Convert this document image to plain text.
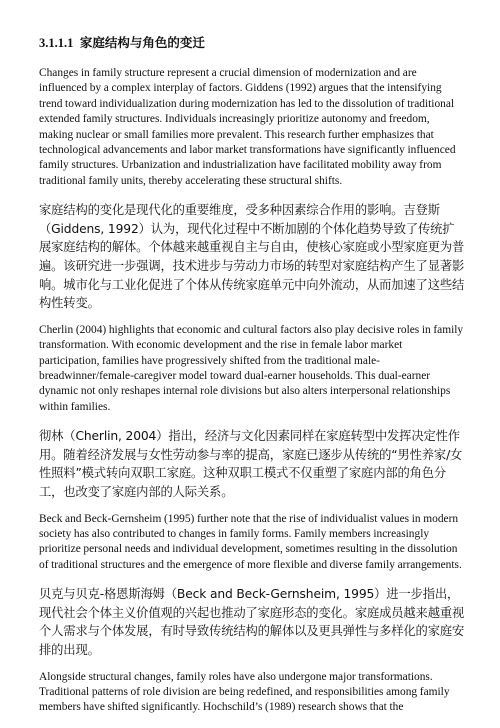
3.1.1.1 家庭结构与角色的变迁

Changes in family structure represent a crucial dimension of modernization and are influenced by a complex interplay of factors. Giddens (1992) argues that the intensifying trend toward individualization during modernization has led to the dissolution of traditional extended family structures. Individuals increasingly prioritize autonomy and freedom, making nuclear or small families more prevalent. This research further emphasizes that technological advancements and labor market transformations have significantly influenced family structures. Urbanization and industrialization have facilitated mobility away from traditional family units, thereby accelerating these structural shifts.

家庭结构的变化是现代化的重要维度，受多种因素综合作用的影响。吉登斯（Giddens, 1992）认为，现代化过程中不断加剧的个体化趋势导致了传统扩展家庭结构的解体。个体越来越重视自主与自由，使核心家庭或小型家庭更为普遍。该研究进一步强调，技术进步与劳动力市场的转型对家庭结构产生了显著影响。城市化与工业化促进了个体从传统家庭单元中向外流动，从而加速了这些结构性转变。

Cherlin (2004) highlights that economic and cultural factors also play decisive roles in family transformation. With economic development and the rise in female labor market participation, families have progressively shifted from the traditional male-breadwinner/female-caregiver model toward dual-earner households. This dual-earner dynamic not only reshapes internal role divisions but also alters interpersonal relationships within families.

彻林（Cherlin, 2004）指出，经济与文化因素同样在家庭转型中发挥决定性作用。随着经济发展与女性劳动参与率的提高，家庭已逐步从传统的“男性养家/女性照料”模式转向双职工家庭。这种双职工模式不仅重塑了家庭内部的角色分工，也改变了家庭内部的人际关系。

Beck and Beck-Gernsheim (1995) further note that the rise of individualist values in modern society has also contributed to changes in family forms. Family members increasingly prioritize personal needs and individual development, sometimes resulting in the dissolution of traditional structures and the emergence of more flexible and diverse family arrangements.

贝克与贝克-格恩斯海姆（Beck and Beck-Gernsheim, 1995）进一步指出，现代社会个体主义价值观的兴起也推动了家庭形态的变化。家庭成员越来越重视个人需求与个体发展，有时导致传统结构的解体以及更具弹性与多样化的家庭安排的出现。

Alongside structural changes, family roles have also undergone major transformations. Traditional patterns of role division are being redefined, and responsibilities among family members have shifted significantly. Hochschild’s (1989) research shows that the
